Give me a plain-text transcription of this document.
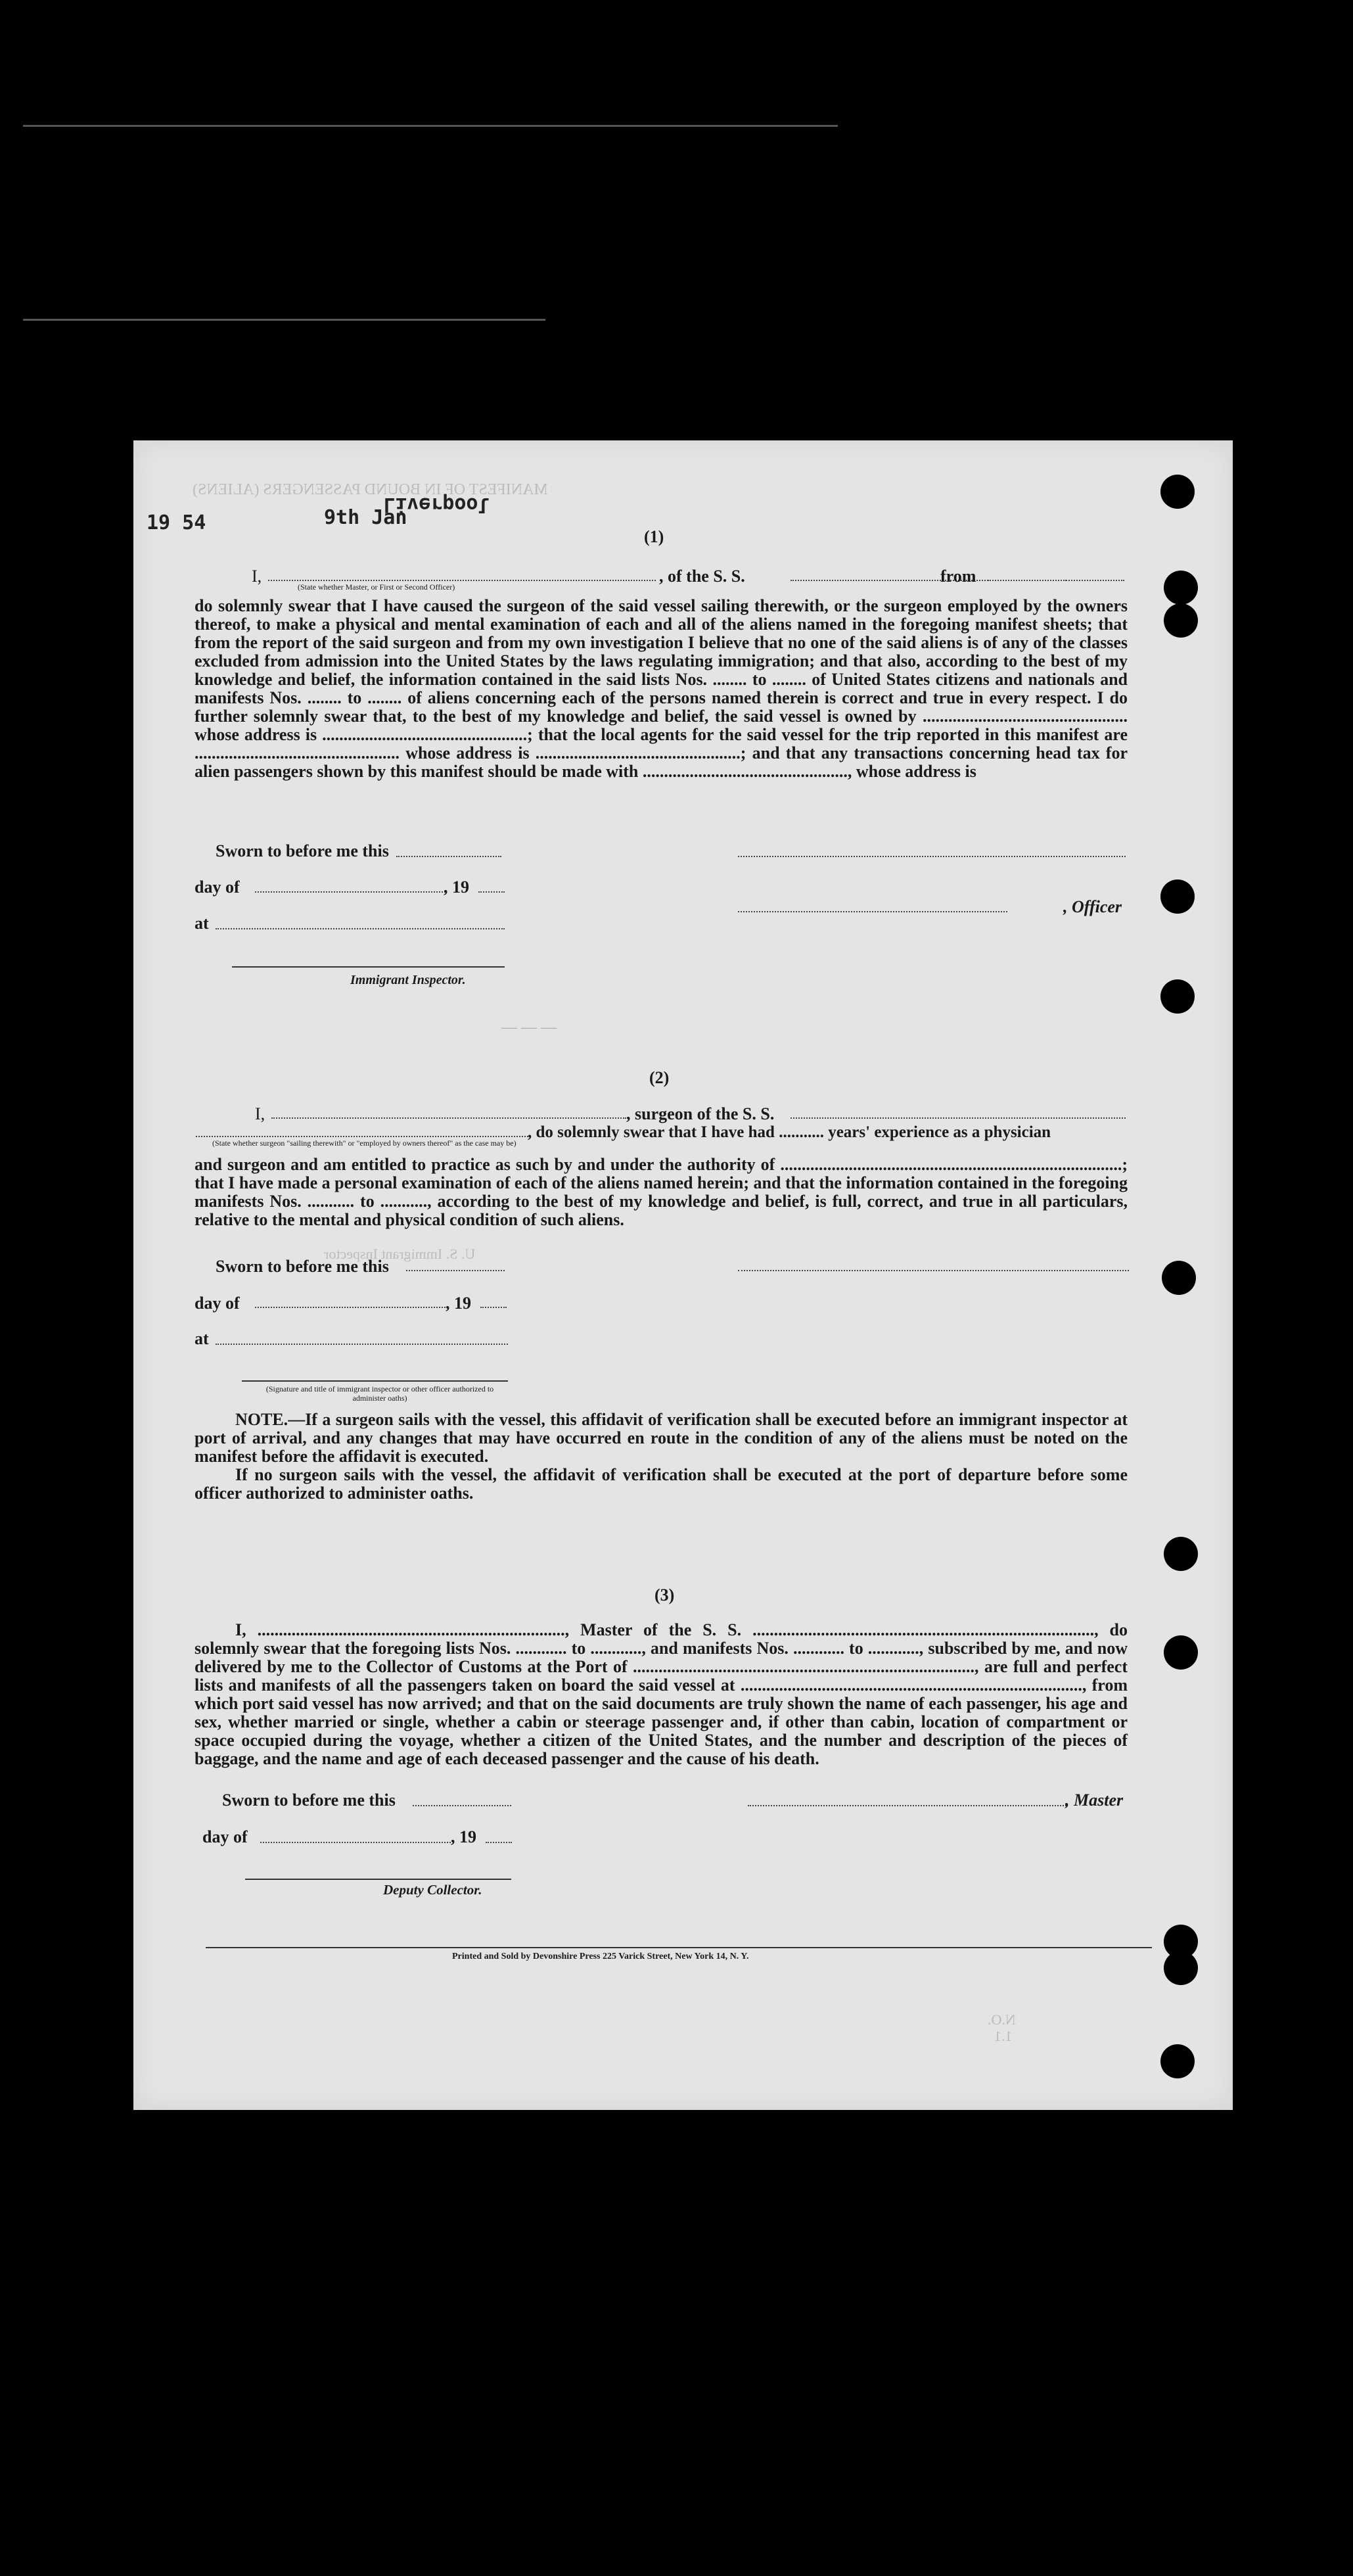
MANIFEST OF IN BOUND PASSENGERS (ALIENS)
— — —
19 54	9th Jan
Liverpool
(1)
I,	, of the S. S.	from
(State whether Master, or First or Second Officer)

do solemnly swear that I have caused the surgeon of the said vessel sailing therewith, or the surgeon employed by the owners thereof, to make a physical and mental examination of each and all of the aliens named in the foregoing manifest sheets; that from the report of the said surgeon and from my own investigation I believe that no one of the said aliens is of any of the classes excluded from admission into the United States by the laws regulating immigration; and that also, according to the best of my knowledge and belief, the information contained in the said lists Nos. ........ to ........ of United States citizens and nationals and manifests Nos. ........ to ........ of aliens concerning each of the persons named therein is correct and true in every respect. I do further solemnly swear that, to the best of my knowledge and belief, the said vessel is owned by ................................................ whose address is ................................................; that the local agents for the said vessel for the trip reported in this manifest are ................................................ whose address is ................................................; and that any transactions concerning head tax for alien passengers shown by this manifest should be made with ................................................, whose address is

Sworn to before me this
day of	, 19
, Officer
at
Immigrant Inspector.
(2)
I,	, surgeon of the S. S.
, do solemnly swear that I have had ........... years' experience as a physician
(State whether surgeon "sailing therewith" or "employed by owners thereof" as the case may be)

and surgeon and am entitled to practice as such by and under the authority of ................................................................................; that I have made a personal examination of each of the aliens named herein; and that the information contained in the foregoing manifests Nos. ........... to ..........., according to the best of my knowledge and belief, is full, correct, and true in all particulars, relative to the mental and physical condition of such aliens.

U. S. Immigrant Inspector
Sworn to before me this
day of	, 19
at
(Signature and title of immigrant inspector or other officer authorized to administer oaths)

NOTE.—If a surgeon sails with the vessel, this affidavit of verification shall be executed before an immigrant inspector at port of arrival, and any changes that may have occurred en route in the condition of any of the aliens must be noted on the manifest before the affidavit is executed.

If no surgeon sails with the vessel, the affidavit of verification shall be executed at the port of departure before some officer authorized to administer oaths.

(3)

I, ........................................................................, Master of the S. S. ................................................................................, do solemnly swear that the foregoing lists Nos. ............ to ............, and manifests Nos. ............ to ............, subscribed by me, and now delivered by me to the Collector of Customs at the Port of ................................................................................, are full and perfect lists and manifests of all the passengers taken on board the said vessel at ................................................................................, from which port said vessel has now arrived; and that on the said documents are truly shown the name of each passenger, his age and sex, whether married or single, whether a cabin or steerage passenger and, if other than cabin, location of compartment or space occupied during the voyage, whether a citizen of the United States, and the number and description of the pieces of baggage, and the name and age of each deceased passenger and the cause of his death.

Sworn to before me this	, Master
day of	, 19
Deputy Collector.
Printed and Sold by Devonshire Press 225 Varick Street, New York 14, N. Y.
N.O.
1.1
